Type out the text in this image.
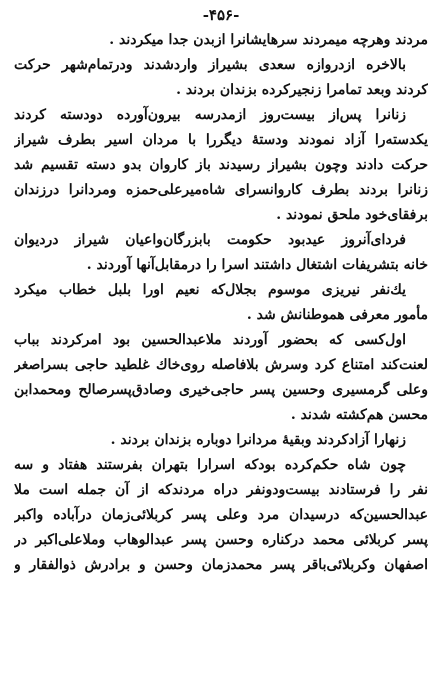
-۴۵۶-
مردند وهرچه میمردند سرهایشانرا ازبدن جدا میکردند .
بالاخره ازدروازه سعدی بشیراز واردشدند ودرتمام‌شهر حرکت
کردند وبعد تمامرا زنجیرکرده بزندان بردند .
زنانرا پس‌از بیست‌روز ازمدرسه بیرون‌آورده دودسته کردند
یکدسته‌را آزاد نمودند ودستهٔ دیگررا با مردان اسیر بطرف شیراز
حرکت دادند وچون بشیراز رسیدند باز کاروان بدو دسته تقسیم شد
زنانرا بردند بطرف کاروانسرای شاه‌میرعلی‌حمزه ومردانرا درزندان
برفقای‌خود ملحق نمودند .
فردای‌آنروز عیدبود حکومت بابزرگان‌واعیان شیراز دردیوان
خانه بتشریفات اشتغال داشتند اسرا را درمقابل‌آنها آوردند .
یك‌نفر نیریزی موسوم بجلال‌که نعیم اورا بلبل خطاب میکرد
مأمور معرفی هموطنانش شد .
اول‌کسی که بحضور آوردند ملاعبدالحسین بود امرکردند بباب
لعنت‌کند امتناع کرد وسرش بلافاصله روی‌خاك غلطید حاجی بسراصغر
وعلی گرمسیری وحسین پسر حاجی‌خیری وصادق‌پسرصالح ومحمدابن
محسن هم‌کشته شدند .
زنهارا آزادکردند وبقیهٔ مردانرا دوباره بزندان بردند .
چون شاه حکم‌کرده بودکه اسرارا بتهران بفرستند هفتاد و سه
نفر را فرستادند بیست‌ودونفر دراه مردندکه از آن جمله است ملا
عبدالحسین‌که درسیدان مرد وعلی پسر کربلائی‌زمان درآباده واکبر
پسر کربلائی محمد درکناره وحسن پسر عبدالوهاب وملاعلی‌اکبر در
اصفهان وکربلائی‌باقر پسر محمدزمان وحسن و برادرش ذوالفقار و
